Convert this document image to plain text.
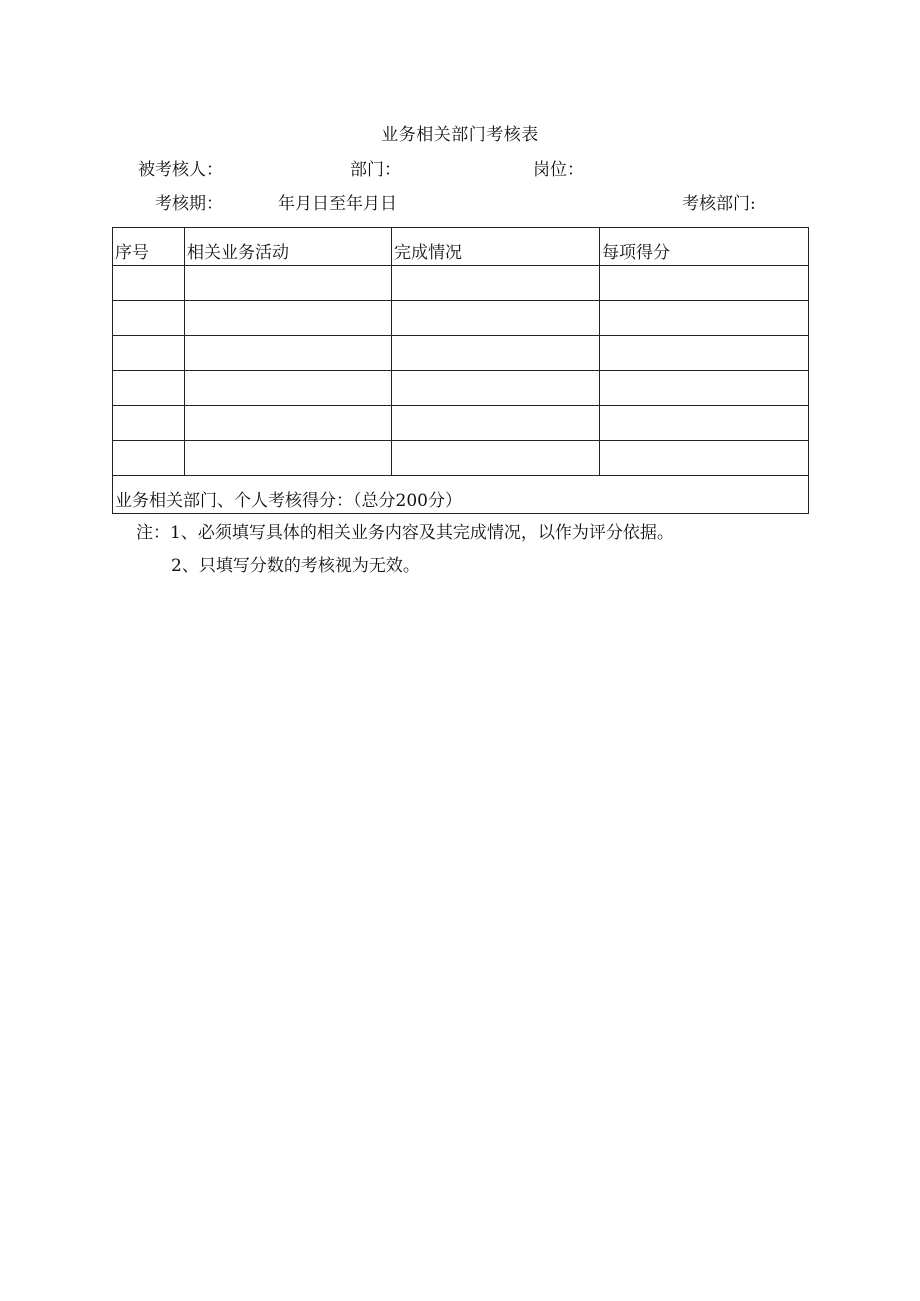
业务相关部门考核表
被考核人：	部门：	岗位：
考核期：	年月日至年月日	考核部门:
序号	相关业务活动	完成情况	每项得分

业务相关部门、个人考核得分：（总分200分）			
注：1、必须填写具体的相关业务内容及其完成情况，以作为评分依据。
2、只填写分数的考核视为无效。
